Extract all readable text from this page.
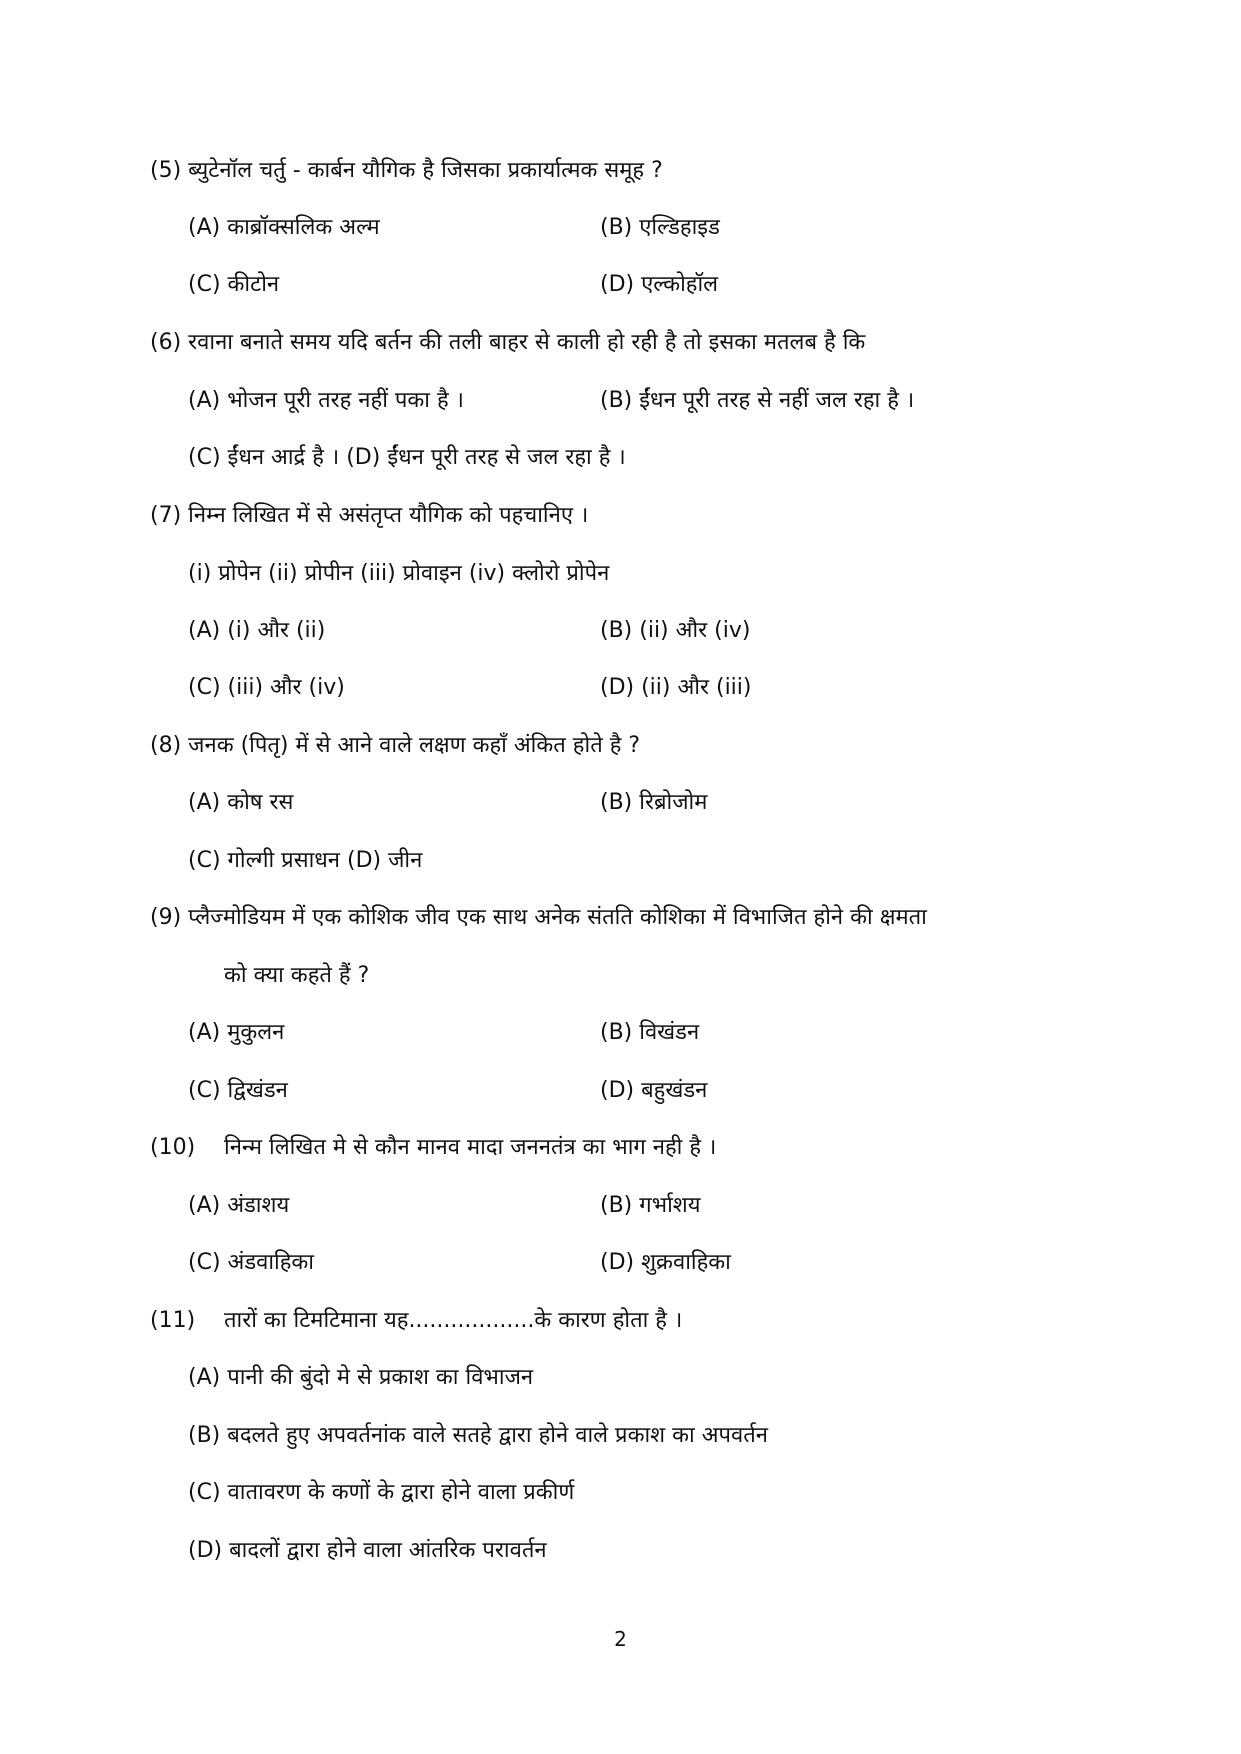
(5) ब्युटेनॉल चर्तु - कार्बन यौगिक है जिसका प्रकार्यात्मक समूह ?
(A) काब्रॉक्सलिक अल्म	(B) एल्डिहाइड
(C) कीटोन	(D) एल्कोहॉल
(6) रवाना बनाते समय यदि बर्तन की तली बाहर से काली हो रही है तो इसका मतलब है कि
(A) भोजन पूरी तरह नहीं पका है ।	(B) ईंधन पूरी तरह से नहीं जल रहा है ।
(C) ईंधन आर्द्र है । (D) ईंधन पूरी तरह से जल रहा है ।
(7) निम्न लिखित में से असंतृप्त यौगिक को पहचानिए ।
(i) प्रोपेन (ii) प्रोपीन (iii) प्रोवाइन (iv) क्लोरो प्रोपेन
(A) (i) और (ii)	(B) (ii) और (iv)
(C) (iii) और (iv)	(D) (ii) और (iii)
(8) जनक (पितृ) में से आने वाले लक्षण कहाँ अंकित होते है ?
(A) कोष रस	(B) रिब्रोजोम
(C) गोल्गी प्रसाधन (D) जीन
(9) प्लैज्मोडियम में एक कोशिक जीव एक साथ अनेक संतति कोशिका में विभाजित होने की क्षमता
को क्या कहते हैं ?
(A) मुकुलन	(B) विखंडन
(C) द्विखंडन	(D) बहुखंडन
(10) निन्म लिखित मे से कौन मानव मादा जननतंत्र का भाग नही है ।
(A) अंडाशय	(B) गर्भाशय
(C) अंडवाहिका	(D) शुक्रवाहिका
(11) तारों का टिमटिमाना यह..................के कारण होता है ।
(A) पानी की बुंदो मे से प्रकाश का विभाजन
(B) बदलते हुए अपवर्तनांक वाले सतहे द्वारा होने वाले प्रकाश का अपवर्तन
(C) वातावरण के कणों के द्वारा होने वाला प्रकीर्ण
(D) बादलों द्वारा होने वाला आंतरिक परावर्तन
2
